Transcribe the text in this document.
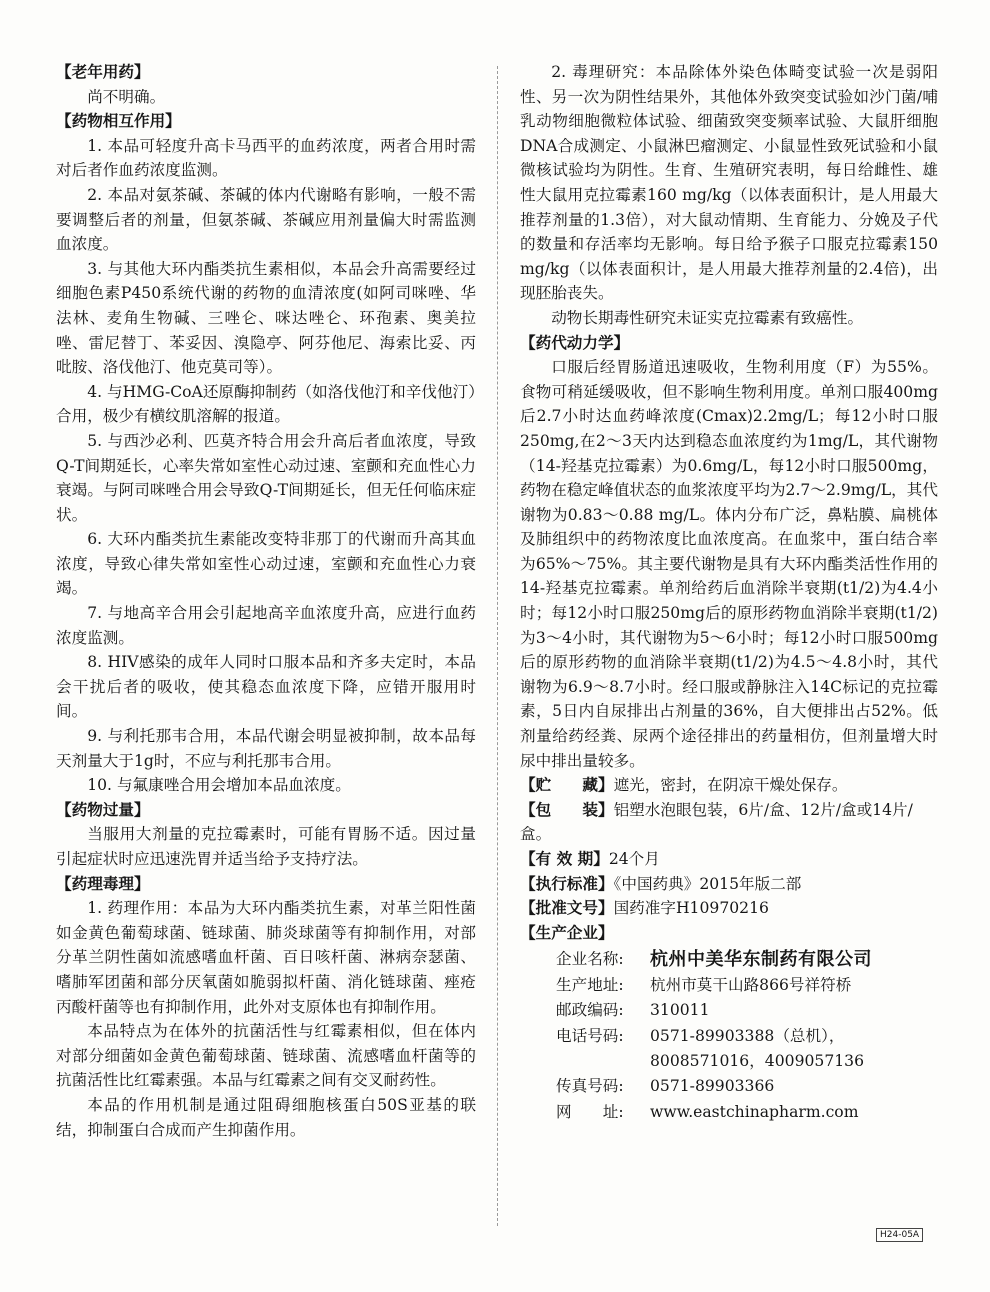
【老年用药】
尚不明确。
【药物相互作用】
1. 本品可轻度升高卡马西平的血药浓度，两者合用时需对后者作血药浓度监测。
2. 本品对氨茶碱、茶碱的体内代谢略有影响，一般不需要调整后者的剂量，但氨茶碱、茶碱应用剂量偏大时需监测血浓度。
3. 与其他大环内酯类抗生素相似，本品会升高需要经过细胞色素P450系统代谢的药物的血清浓度(如阿司咪唑、华法林、麦角生物碱、三唑仑、咪达唑仑、环孢素、奥美拉唑、雷尼替丁、苯妥因、溴隐亭、阿芬他尼、海索比妥、丙吡胺、洛伐他汀、他克莫司等）。
4. 与HMG-CoA还原酶抑制药（如洛伐他汀和辛伐他汀）合用，极少有横纹肌溶解的报道。
5. 与西沙必利、匹莫齐特合用会升高后者血浓度，导致Q-T间期延长，心率失常如室性心动过速、室颤和充血性心力衰竭。与阿司咪唑合用会导致Q-T间期延长，但无任何临床症状。
6. 大环内酯类抗生素能改变特非那丁的代谢而升高其血浓度，导致心律失常如室性心动过速，室颤和充血性心力衰竭。
7. 与地高辛合用会引起地高辛血浓度升高，应进行血药浓度监测。
8. HIV感染的成年人同时口服本品和齐多夫定时，本品会干扰后者的吸收，使其稳态血浓度下降，应错开服用时间。
9. 与利托那韦合用，本品代谢会明显被抑制，故本品每天剂量大于1g时，不应与利托那韦合用。
10. 与氟康唑合用会增加本品血浓度。
【药物过量】
当服用大剂量的克拉霉素时，可能有胃肠不适。因过量引起症状时应迅速洗胃并适当给予支持疗法。
【药理毒理】
1. 药理作用：本品为大环内酯类抗生素，对革兰阳性菌如金黄色葡萄球菌、链球菌、肺炎球菌等有抑制作用，对部分革兰阴性菌如流感嗜血杆菌、百日咳杆菌、淋病奈瑟菌、嗜肺军团菌和部分厌氧菌如脆弱拟杆菌、消化链球菌、痤疮丙酸杆菌等也有抑制作用，此外对支原体也有抑制作用。
本品特点为在体外的抗菌活性与红霉素相似，但在体内对部分细菌如金黄色葡萄球菌、链球菌、流感嗜血杆菌等的抗菌活性比红霉素强。本品与红霉素之间有交叉耐药性。
本品的作用机制是通过阻碍细胞核蛋白50S亚基的联结，抑制蛋白合成而产生抑菌作用。
2. 毒理研究：本品除体外染色体畸变试验一次是弱阳性、另一次为阴性结果外，其他体外致突变试验如沙门菌/哺乳动物细胞微粒体试验、细菌致突变频率试验、大鼠肝细胞DNA合成测定、小鼠淋巴瘤测定、小鼠显性致死试验和小鼠微核试验均为阴性。生育、生殖研究表明，每日给雌性、雄性大鼠用克拉霉素160 mg/kg（以体表面积计，是人用最大推荐剂量的1.3倍），对大鼠动情期、生育能力、分娩及子代的数量和存活率均无影响。每日给予猴子口服克拉霉素150 mg/kg（以体表面积计，是人用最大推荐剂量的2.4倍)，出现胚胎丧失。
动物长期毒性研究未证实克拉霉素有致癌性。
【药代动力学】
口服后经胃肠道迅速吸收，生物利用度（F）为55%。食物可稍延缓吸收，但不影响生物利用度。单剂口服400mg后2.7小时达血药峰浓度(Cmax)2.2mg/L；每12小时口服250mg,在2～3天内达到稳态血浓度约为1mg/L，其代谢物（14-羟基克拉霉素）为0.6mg/L，每12小时口服500mg，药物在稳定峰值状态的血浆浓度平均为2.7～2.9mg/L，其代谢物为0.83～0.88 mg/L。体内分布广泛，鼻粘膜、扁桃体及肺组织中的药物浓度比血浓度高。在血浆中，蛋白结合率为65%～75%。其主要代谢物是具有大环内酯类活性作用的14-羟基克拉霉素。单剂给药后血消除半衰期(t1/2)为4.4小时；每12小时口服250mg后的原形药物血消除半衰期(t1/2)为3～4小时，其代谢物为5～6小时；每12小时口服500mg后的原形药物的血消除半衰期(t1/2)为4.5～4.8小时，其代谢物为6.9～8.7小时。经口服或静脉注入14C标记的克拉霉素，5日内自尿排出占剂量的36%，自大便排出占52%。低剂量给药经粪、尿两个途径排出的药量相仿，但剂量增大时尿中排出量较多。
【贮　　藏】遮光，密封，在阴凉干燥处保存。
【包　　装】铝塑水泡眼包装，6片/盒、12片/盒或14片/盒。
【有 效 期】24个月
【执行标准】《中国药典》2015年版二部
【批准文号】国药准字H10970216
【生产企业】
企业名称:	杭州中美华东制药有限公司
生产地址:	杭州市莫干山路866号祥符桥
邮政编码:	310011
电话号码:	0571-89903388（总机），
8008571016，4009057136
传真号码:	0571-89903366
网　　址:	www.eastchinapharm.com
H24-05A
